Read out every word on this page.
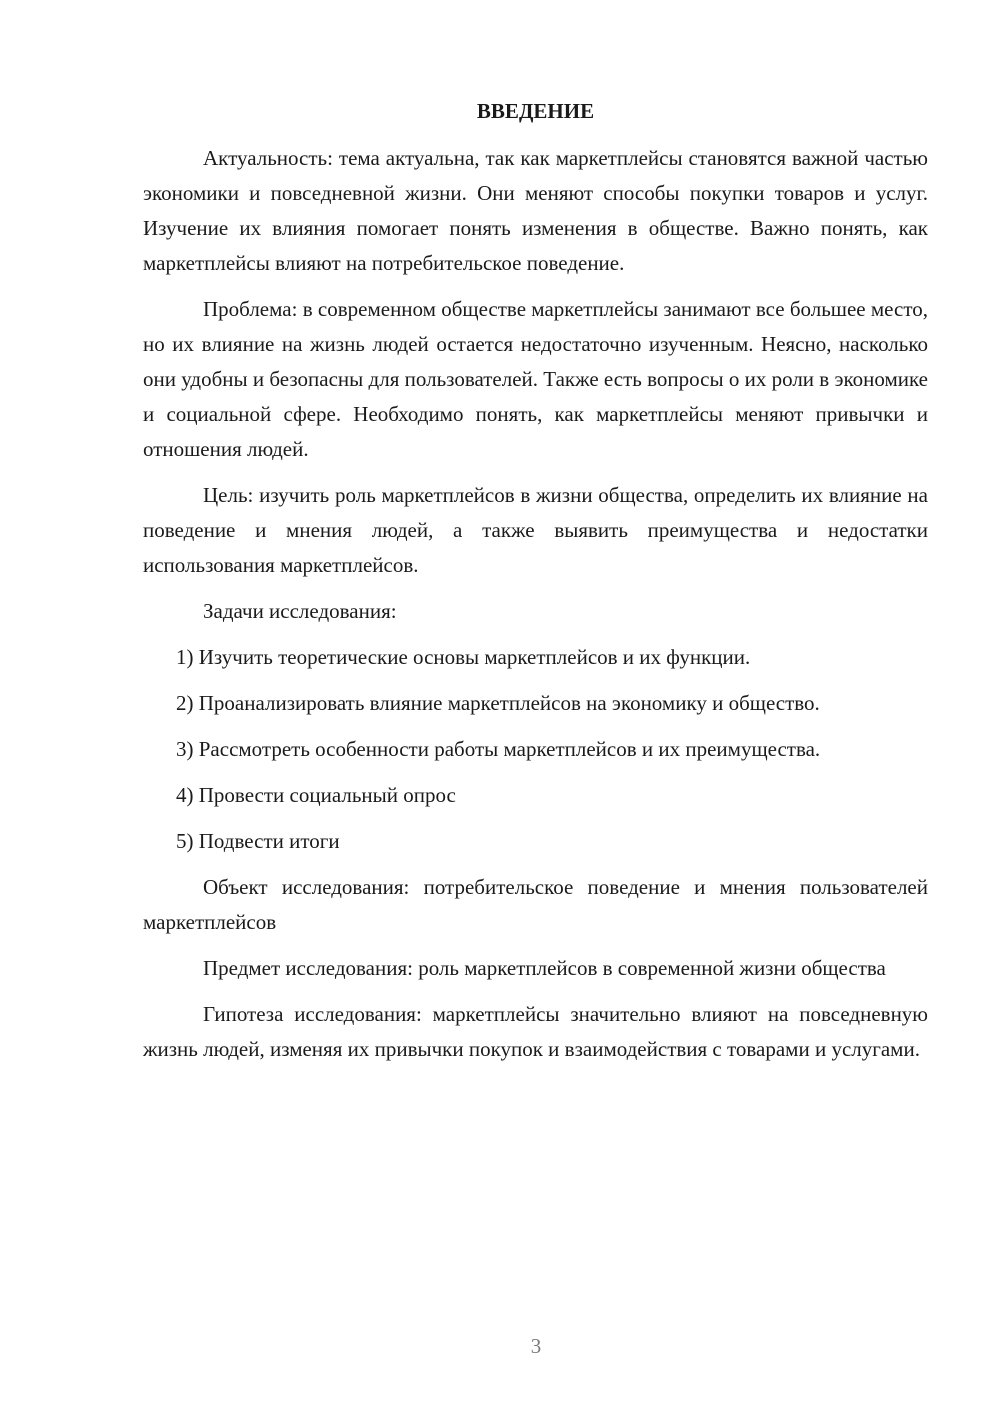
ВВЕДЕНИЕ

Актуальность: тема актуальна, так как маркетплейсы становятся важной частью экономики и повседневной жизни. Они меняют способы покупки товаров и услуг. Изучение их влияния помогает понять изменения в обществе. Важно понять, как маркетплейсы влияют на потребительское поведение.

Проблема: в современном обществе маркетплейсы занимают все большее место, но их влияние на жизнь людей остается недостаточно изученным. Неясно, насколько они удобны и безопасны для пользователей. Также есть вопросы о их роли в экономике и социальной сфере. Необходимо понять, как маркетплейсы меняют привычки и отношения людей.

Цель: изучить роль маркетплейсов в жизни общества, определить их влияние на поведение и мнения людей, а также выявить преимущества и недостатки использования маркетплейсов.

Задачи исследования:

1) Изучить теоретические основы маркетплейсов и их функции.

2) Проанализировать влияние маркетплейсов на экономику и общество.

3) Рассмотреть особенности работы маркетплейсов и их преимущества.

4) Провести социальный опрос

5) Подвести итоги

Объект исследования: потребительское поведение и мнения пользователей маркетплейсов

Предмет исследования: роль маркетплейсов в современной жизни общества

Гипотеза исследования: маркетплейсы значительно влияют на повседневную жизнь людей, изменяя их привычки покупок и взаимодействия с товарами и услугами.

3
